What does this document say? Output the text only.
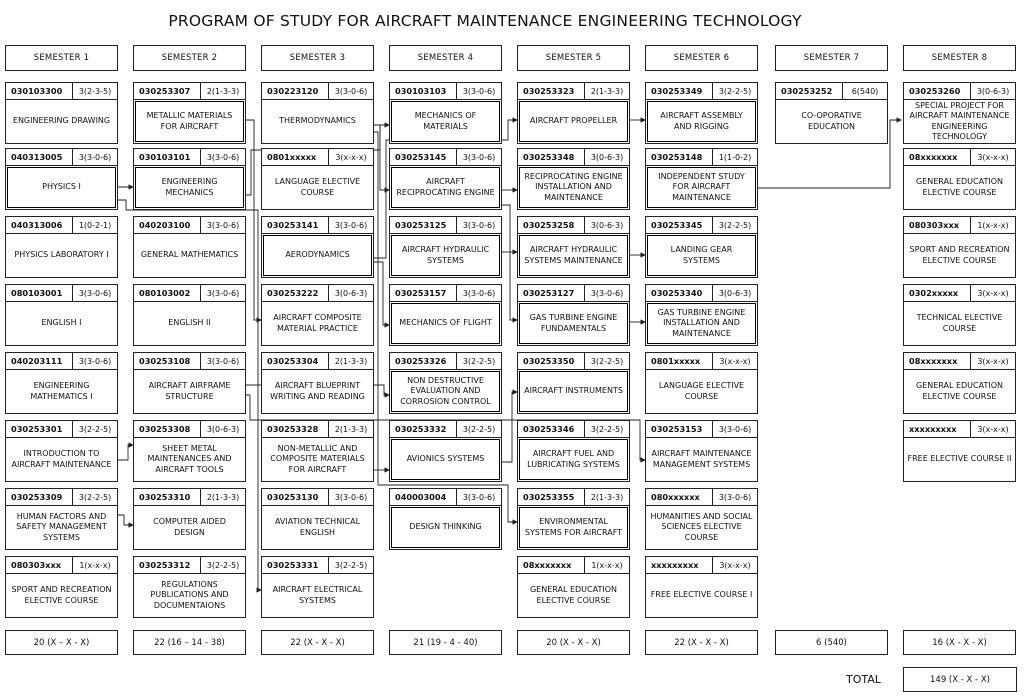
PROGRAM OF STUDY FOR AIRCRAFT MAINTENANCE ENGINEERING TECHNOLOGY
SEMESTER 1
030103300	3(2-3-5)
ENGINEERING DRAWING
040313005	3(3-0-6)
PHYSICS I
040313006	1(0-2-1)
PHYSICS LABORATORY I
080103001	3(3-0-6)
ENGLISH I
040203111	3(3-0-6)
ENGINEERING MATHEMATICS I
030253301	3(2-2-5)
INTRODUCTION TO AIRCRAFT MAINTENANCE
030253309	3(2-2-5)
HUMAN FACTORS AND SAFETY MANAGEMENT SYSTEMS
080303xxx	1(x-x-x)
SPORT AND RECREATION ELECTIVE COURSE
20 (X – X - X)
SEMESTER 2
030253307	2(1-3-3)
METALLIC MATERIALS FOR AIRCRAFT
030103101	3(3-0-6)
ENGINEERING MECHANICS
040203100	3(3-0-6)
GENERAL MATHEMATICS
080103002	3(3-0-6)
ENGLISH II
030253108	3(3-0-6)
AIRCRAFT AIRFRAME STRUCTURE
030253308	3(0-6-3)
SHEET METAL MAINTENANCES AND AIRCRAFT TOOLS
030253310	2(1-3-3)
COMPUTER AIDED DESIGN
030253312	3(2-2-5)
REGULATIONS PUBLICATIONS AND DOCUMENTAIONS
22 (16 – 14 - 38)
SEMESTER 3
030223120	3(3-0-6)
THERMODYNAMICS
0801xxxxx	3(x-x-x)
LANGUAGE ELECTIVE COURSE
030253141	3(3-0-6)
AERODYNAMICS
030253222	3(0-6-3)
AIRCRAFT COMPOSITE MATERIAL PRACTICE
030253304	2(1-3-3)
AIRCRAFT BLUEPRINT WRITING AND READING
030253328	2(1-3-3)
NON-METALLIC AND COMPOSITE MATERIALS FOR AIRCRAFT
030253130	3(3-0-6)
AVIATION TECHNICAL ENGLISH
030253331	3(2-2-5)
AIRCRAFT ELECTRICAL SYSTEMS
22 (X - X - X)
SEMESTER 4
030103103	3(3-0-6)
MECHANICS OF MATERIALS
030253145	3(3-0-6)
AIRCRAFT RECIPROCATING ENGINE
030253125	3(3-0-6)
AIRCRAFT HYDRAULIC SYSTEMS
030253157	3(3-0-6)
MECHANICS OF FLIGHT
030253326	3(2-2-5)
NON DESTRUCTIVE EVALUATION AND CORROSION CONTROL
030253332	3(2-2-5)
AVIONICS SYSTEMS
040003004	3(3-0-6)
DESIGN THINKING
21 (19 - 4 - 40)
SEMESTER 5
030253323	2(1-3-3)
AIRCRAFT PROPELLER
030253348	3(0-6-3)
RECIPROCATING ENGINE INSTALLATION AND MAINTENANCE
030253258	3(0-6-3)
AIRCRAFT HYDRAULIC SYSTEMS MAINTENANCE
030253127	3(3-0-6)
GAS TURBINE ENGINE FUNDAMENTALS
030253350	3(2-2-5)
AIRCRAFT INSTRUMENTS
030253346	3(2-2-5)
AIRCRAFT FUEL AND LUBRICATING SYSTEMS
030253355	2(1-3-3)
ENVIRONMENTAL SYSTEMS FOR AIRCRAFT
08xxxxxxx	1(x-x-x)
GENERAL EDUCATION ELECTIVE COURSE
20 (X - X - X)
SEMESTER 6
030253349	3(2-2-5)
AIRCRAFT ASSEMBLY AND RIGGING
030253148	1(1-0-2)
INDEPENDENT STUDY FOR AIRCRAFT MAINTENANCE
030253345	3(2-2-5)
LANDING GEAR SYSTEMS
030253340	3(0-6-3)
GAS TURBINE ENGINE INSTALLATION AND MAINTENANCE
0801xxxxx	3(x-x-x)
LANGUAGE ELECTIVE COURSE
030253153	3(3-0-6)
AIRCRAFT MAINTENANCE MANAGEMENT SYSTEMS
080xxxxxx	3(3-0-6)
HUMANITIES AND SOCIAL SCIENCES ELECTIVE COURSE
xxxxxxxxx	3(x-x-x)
FREE ELECTIVE COURSE I
22 (X - X - X)
SEMESTER 7
030253252	6(540)
CO-OPORATIVE EDUCATION
6 (540)
SEMESTER 8
030253260	3(0-6-3)
SPECIAL PROJECT FOR AIRCRAFT MAINTENANCE ENGINEERING TECHNOLOGY
08xxxxxxx	3(x-x-x)
GENERAL EDUCATION ELECTIVE COURSE
080303xxx	1(x-x-x)
SPORT AND RECREATION ELECTIVE COURSE
0302xxxxx	3(x-x-x)
TECHNICAL ELECTIVE COURSE
08xxxxxxx	3(x-x-x)
GENERAL EDUCATION ELECTIVE COURSE
xxxxxxxxx	3(x-x-x)
FREE ELECTIVE COURSE II
16 (X - X - X)
TOTAL	149 (X - X - X)
